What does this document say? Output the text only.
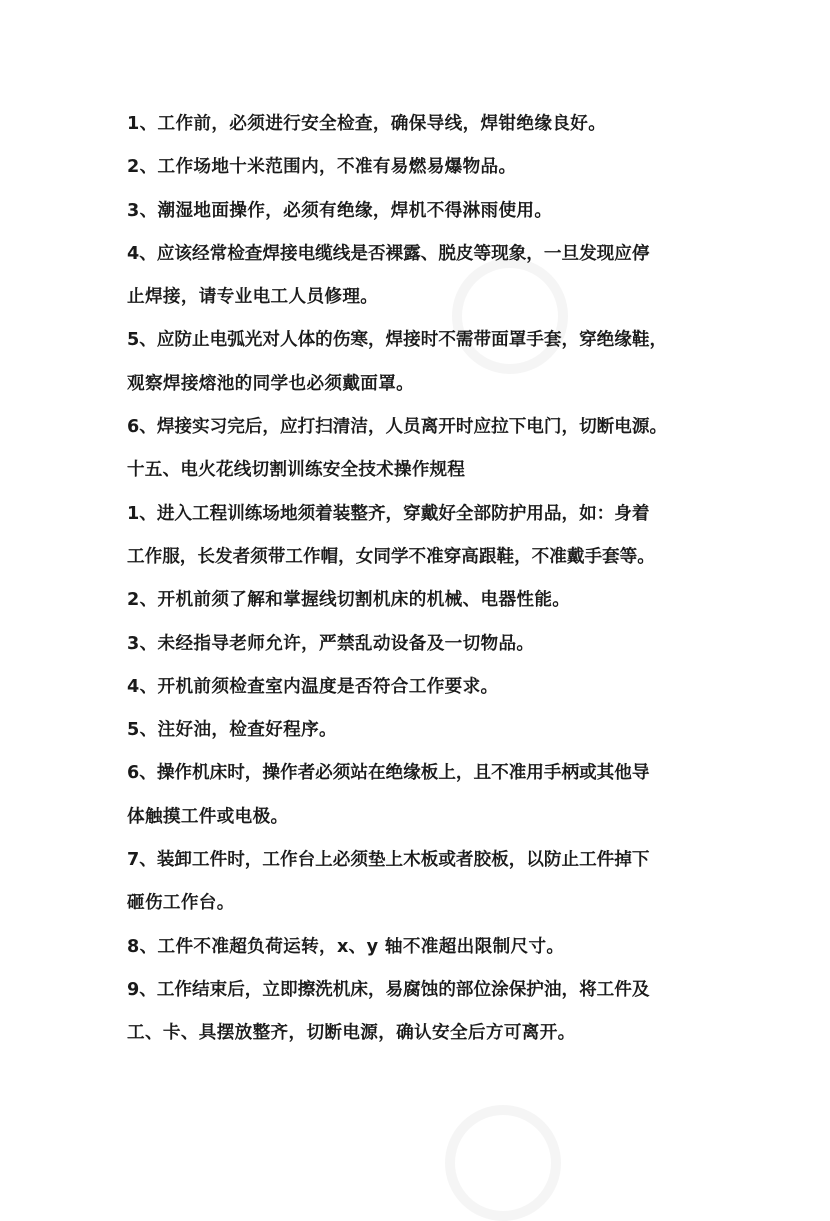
1、工作前，必须进行安全检查，确保导线，焊钳绝缘良好。
2、工作场地十米范围内，不准有易燃易爆物品。
3、潮湿地面操作，必须有绝缘，焊机不得淋雨使用。
4、应该经常检查焊接电缆线是否裸露、脱皮等现象，一旦发现应停
止焊接，请专业电工人员修理。
5、应防止电弧光对人体的伤寒，焊接时不需带面罩手套，穿绝缘鞋，
观察焊接熔池的同学也必须戴面罩。
6、焊接实习完后，应打扫清洁，人员离开时应拉下电门，切断电源。
十五、电火花线切割训练安全技术操作规程
1、进入工程训练场地须着装整齐，穿戴好全部防护用品，如：身着
工作服，长发者须带工作帽，女同学不准穿高跟鞋，不准戴手套等。
2、开机前须了解和掌握线切割机床的机械、电器性能。
3、未经指导老师允许，严禁乱动设备及一切物品。
4、开机前须检查室内温度是否符合工作要求。
5、注好油，检查好程序。
6、操作机床时，操作者必须站在绝缘板上，且不准用手柄或其他导
体触摸工件或电极。
7、装卸工件时，工作台上必须垫上木板或者胶板，以防止工件掉下
砸伤工作台。
8、工件不准超负荷运转，x、y 轴不准超出限制尺寸。
9、工作结束后，立即擦洗机床，易腐蚀的部位涂保护油，将工件及
工、卡、具摆放整齐，切断电源，确认安全后方可离开。
